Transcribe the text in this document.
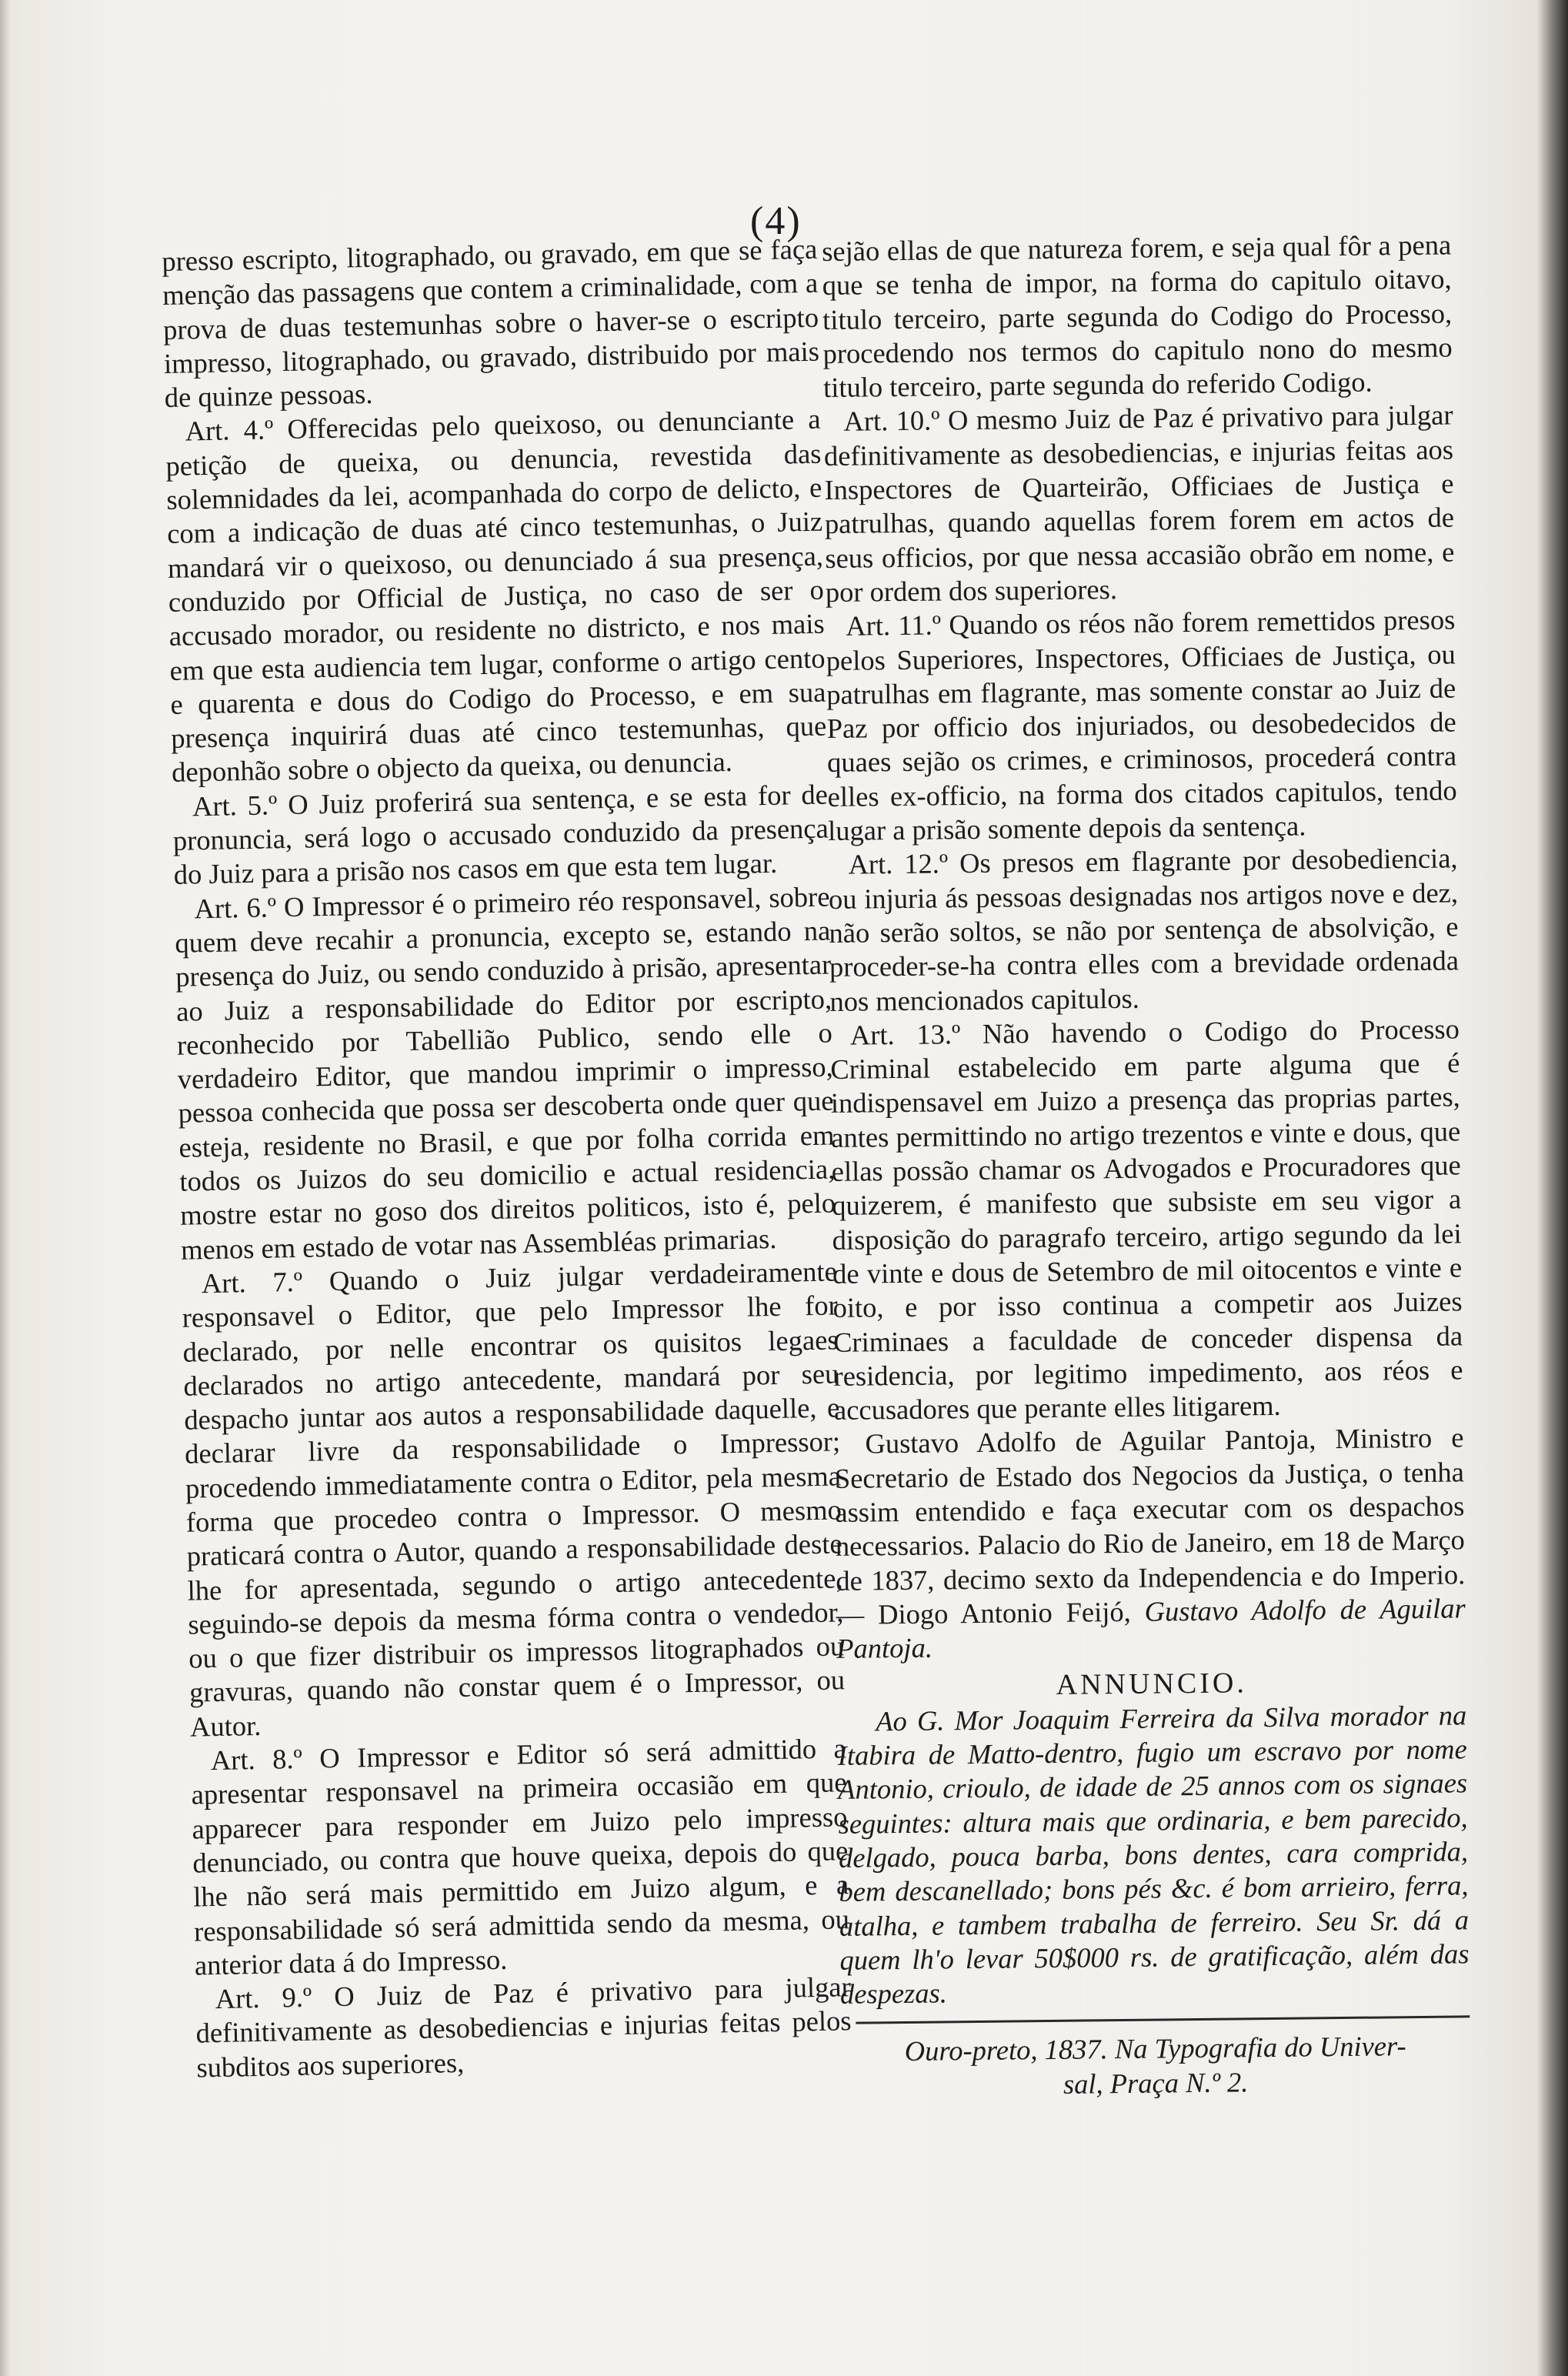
(4)

presso escripto, litographado, ou gravado, em que se faça menção das passagens que contem a criminalidade, com a prova de duas testemunhas sobre o haver-se o escripto impresso, litographado, ou gravado, distribuido por mais de quinze pessoas.

Art. 4.º Offerecidas pelo queixoso, ou denunciante a petição de queixa, ou denuncia, revestida das solemnidades da lei, acompanhada do corpo de delicto, e com a indicação de duas até cinco testemunhas, o Juiz mandará vir o queixoso, ou denunciado á sua presença, conduzido por Official de Justiça, no caso de ser o accusado morador, ou residente no districto, e nos mais em que esta audiencia tem lugar, conforme o artigo cento e quarenta e dous do Codigo do Processo, e em sua presença inquirirá duas até cinco testemunhas, que deponhão sobre o objecto da queixa, ou denuncia.

Art. 5.º O Juiz proferirá sua sentença, e se esta for de pronuncia, será logo o accusado conduzido da presença do Juiz para a prisão nos casos em que esta tem lugar.

Art. 6.º O Impressor é o primeiro réo responsavel, sobre quem deve recahir a pronuncia, excepto se, estando na presença do Juiz, ou sendo conduzido à prisão, apresentar ao Juiz a responsabilidade do Editor por escripto, reconhecido por Tabellião Publico, sendo elle o verdadeiro Editor, que mandou imprimir o impresso, pessoa conhecida que possa ser descoberta onde quer que esteja, residente no Brasil, e que por folha corrida em todos os Juizos do seu domicilio e actual residencia, mostre estar no goso dos direitos politicos, isto é, pelo menos em estado de votar nas Assembléas primarias.

Art. 7.º Quando o Juiz julgar verdadeiramente responsavel o Editor, que pelo Impressor lhe for declarado, por nelle encontrar os quisitos legaes declarados no artigo antecedente, mandará por seu despacho juntar aos autos a responsabilidade daquelle, e declarar livre da responsabilidade o Impressor; procedendo immediatamente contra o Editor, pela mesma forma que procedeo contra o Impressor. O mesmo praticará contra o Autor, quando a responsabilidade deste lhe for apresentada, segundo o artigo antecedente, seguindo-se depois da mesma fórma contra o vendedor, ou o que fizer distribuir os impressos litographados ou gravuras, quando não constar quem é o Impressor, ou Autor.

Art. 8.º O Impressor e Editor só será admittido a apresentar responsavel na primeira occasião em que apparecer para responder em Juizo pelo impresso denunciado, ou contra que houve queixa, depois do que lhe não será mais permittido em Juizo algum, e a responsabilidade só será admittida sendo da mesma, ou anterior data á do Impresso.

Art. 9.º O Juiz de Paz é privativo para julgar definitivamente as desobediencias e injurias feitas pelos subditos aos superiores,

sejão ellas de que natureza forem, e seja qual fôr a pena que se tenha de impor, na forma do capitulo oitavo, titulo terceiro, parte segunda do Codigo do Processo, procedendo nos termos do capitulo nono do mesmo titulo terceiro, parte segunda do referido Codigo.

Art. 10.º O mesmo Juiz de Paz é privativo para julgar definitivamente as desobediencias, e injurias feitas aos Inspectores de Quarteirão, Officiaes de Justiça e patrulhas, quando aquellas forem forem em actos de seus officios, por que nessa accasião obrão em nome, e por ordem dos superiores.

Art. 11.º Quando os réos não forem remettidos presos pelos Superiores, Inspectores, Officiaes de Justiça, ou patrulhas em flagrante, mas somente constar ao Juiz de Paz por officio dos injuriados, ou desobedecidos de quaes sejão os crimes, e criminosos, procederá contra elles ex-officio, na forma dos citados capitulos, tendo lugar a prisão somente depois da sentença.

Art. 12.º Os presos em flagrante por desobediencia, ou injuria ás pessoas designadas nos artigos nove e dez, não serão soltos, se não por sentença de absolvição, e proceder-se-ha contra elles com a brevidade ordenada nos mencionados capitulos.

Art. 13.º Não havendo o Codigo do Processo Criminal estabelecido em parte alguma que é indispensavel em Juizo a presença das proprias partes, antes permittindo no artigo trezentos e vinte e dous, que ellas possão chamar os Advogados e Procuradores que quizerem, é manifesto que subsiste em seu vigor a disposição do paragrafo terceiro, artigo segundo da lei de vinte e dous de Setembro de mil oitocentos e vinte e oito, e por isso continua a competir aos Juizes Criminaes a faculdade de conceder dispensa da residencia, por legitimo impedimento, aos réos e accusadores que perante elles litigarem.

Gustavo Adolfo de Aguilar Pantoja, Ministro e Secretario de Estado dos Negocios da Justiça, o tenha assim entendido e faça executar com os despachos necessarios. Palacio do Rio de Janeiro, em 18 de Março de 1837, decimo sexto da Independencia e do Imperio. — Diogo Antonio Feijó, Gustavo Adolfo de Aguilar Pantoja.

ANNUNCIO.

Ao G. Mor Joaquim Ferreira da Silva morador na Itabira de Matto-dentro, fugio um escravo por nome Antonio, crioulo, de idade de 25 annos com os signaes seguintes: altura mais que ordinaria, e bem parecido, delgado, pouca barba, bons dentes, cara comprida, bem descanellado; bons pés &c. é bom arrieiro, ferra, atalha, e tambem trabalha de ferreiro. Seu Sr. dá a quem lh'o levar 50$000 rs. de gratificação, além das despezas.

Ouro-preto, 1837. Na Typografia do Univer-
sal, Praça N.º 2.
